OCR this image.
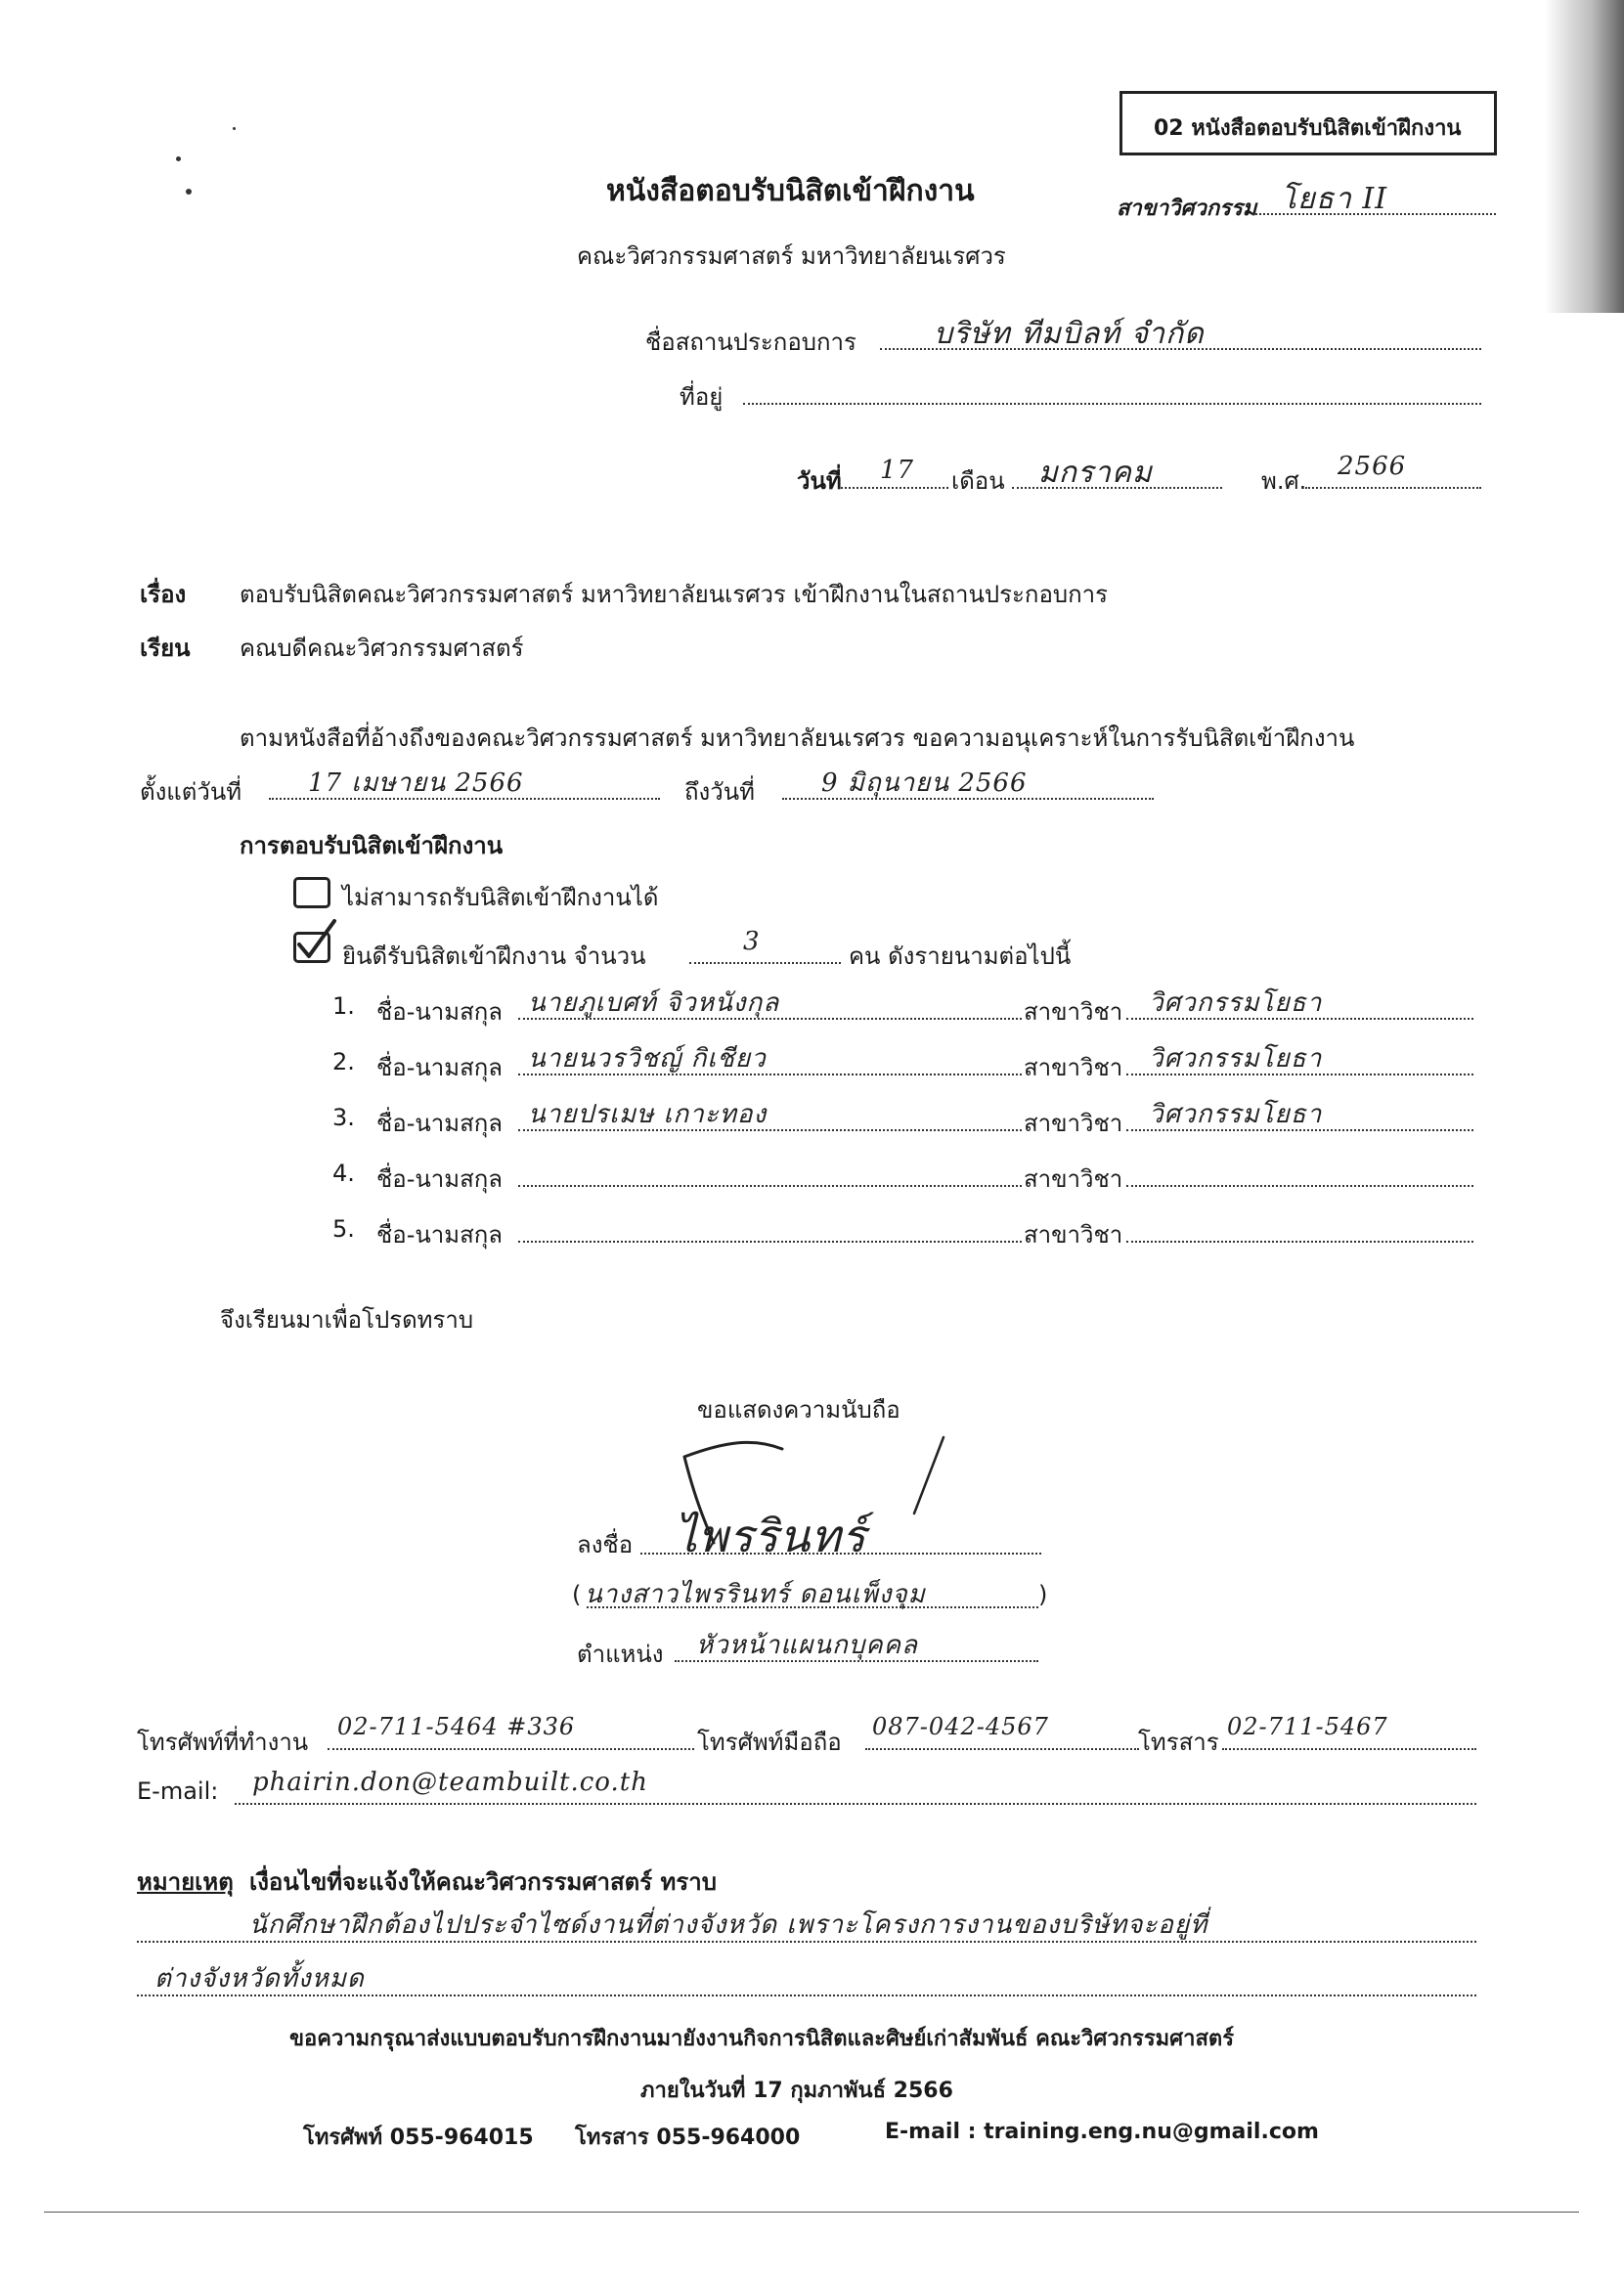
02 หนังสือตอบรับนิสิตเข้าฝึกงาน
หนังสือตอบรับนิสิตเข้าฝึกงาน
สาขาวิศวกรรม โยธา II
คณะวิศวกรรมศาสตร์ มหาวิทยาลัยนเรศวร
ชื่อสถานประกอบการ	บริษัท ทีมบิลท์ จำกัด
ที่อยู่
วันที่ 17 เดือน มกราคม	พ.ศ. 2566
เรื่อง ตอบรับนิสิตคณะวิศวกรรมศาสตร์ มหาวิทยาลัยนเรศวร เข้าฝึกงานในสถานประกอบการ
เรียน คณบดีคณะวิศวกรรมศาสตร์
ตามหนังสือที่อ้างถึงของคณะวิศวกรรมศาสตร์ มหาวิทยาลัยนเรศวร ขอความอนุเคราะห์ในการรับนิสิตเข้าฝึกงาน
ตั้งแต่วันที่	17 เมษายน 2566	ถึงวันที่	9 มิถุนายน 2566
การตอบรับนิสิตเข้าฝึกงาน
ไม่สามารถรับนิสิตเข้าฝึกงานได้
ยินดีรับนิสิตเข้าฝึกงาน จำนวน	3	คน ดังรายนามต่อไปนี้
1. ชื่อ-นามสกุล นายภูเบศท์ จิวหนังกุล	สาขาวิชา วิศวกรรมโยธา
2. ชื่อ-นามสกุล นายนวรวิชญ์ กิเชียว	สาขาวิชา วิศวกรรมโยธา
3. ชื่อ-นามสกุล นายปรเมษ เกาะทอง	สาขาวิชา วิศวกรรมโยธา
4. ชื่อ-นามสกุล	สาขาวิชา
5. ชื่อ-นามสกุล	สาขาวิชา
จึงเรียนมาเพื่อโปรดทราบ
ขอแสดงความนับถือ
ลงชื่อ ไพรรินทร์
( นางสาวไพรรินทร์ ดอนเพ็งจุม	)
ตำแหน่ง หัวหน้าแผนกบุคคล
โทรศัพท์ที่ทำงาน
02-711-5464 #336
โทรศัพท์มือถือ
087-042-4567
โทรสาร
02-711-5467
E-mail: phairin.don@teambuilt.co.th
หมายเหตุ เงื่อนไขที่จะแจ้งให้คณะวิศวกรรมศาสตร์ ทราบ
นักศึกษาฝึกต้องไปประจำไซด์งานที่ต่างจังหวัด เพราะโครงการงานของบริษัทจะอยู่ที่
ต่างจังหวัดทั้งหมด
ขอความกรุณาส่งแบบตอบรับการฝึกงานมายังงานกิจการนิสิตและศิษย์เก่าสัมพันธ์ คณะวิศวกรรมศาสตร์
ภายในวันที่ 17 กุมภาพันธ์ 2566
โทรศัพท์ 055-964015 โทรสาร 055-964000	E-mail : training.eng.nu@gmail.com
